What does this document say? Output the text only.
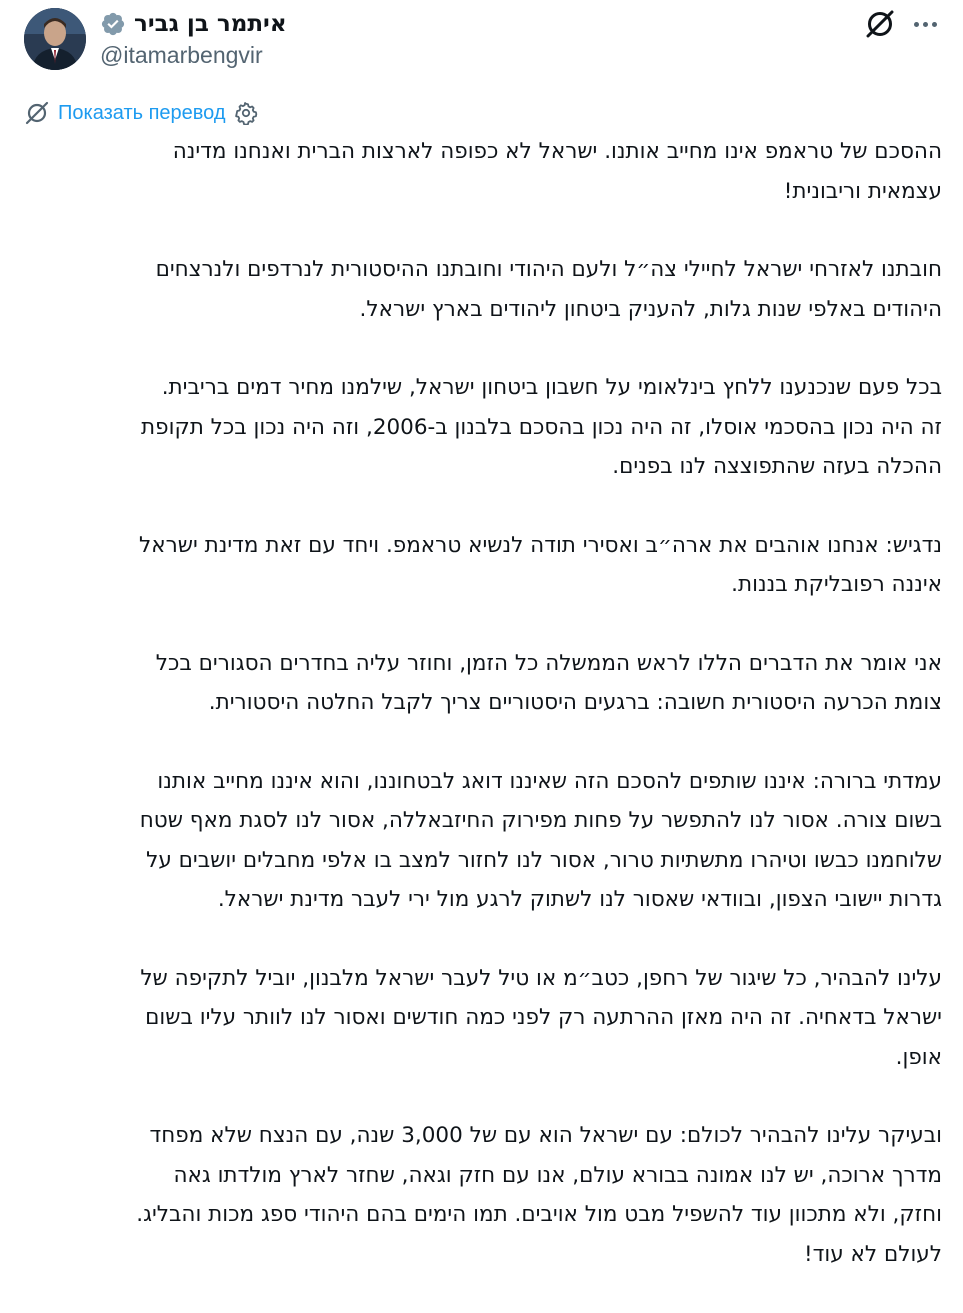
איתמר בן גביר
@itamarbengvir
Показать перевод

ההסכם של טראמפ אינו מחייב אותנו. ישראל לא כפופה לארצות הברית ואנחנו מדינה
עצמאית וריבונית!

חובתנו לאזרחי ישראל לחיילי צה״ל ולעם היהודי וחובתנו ההיסטורית לנרדפים ולנרצחים
היהודים באלפי שנות גלות, להעניק ביטחון ליהודים בארץ ישראל.

בכל פעם שנכנענו ללחץ בינלאומי על חשבון ביטחון ישראל, שילמנו מחיר דמים בריבית.
זה היה נכון בהסכמי אוסלו, זה היה נכון בהסכם בלבנון ב-2006, וזה היה נכון בכל תקופת
ההכלה בעזה שהתפוצצה לנו בפנים.

נדגיש: אנחנו אוהבים את ארה״ב ואסירי תודה לנשיא טראמפ. ויחד עם זאת מדינת ישראל
איננה רפובליקת בננות.

אני אומר את הדברים הללו לראש הממשלה כל הזמן, וחוזר עליה בחדרים הסגורים בכל
צומת הכרעה היסטורית חשובה: ברגעים היסטוריים צריך לקבל החלטה היסטורית.

עמדתי ברורה: איננו שותפים להסכם הזה שאיננו דואג לבטחוננו, והוא איננו מחייב אותנו
בשום צורה. אסור לנו להתפשר על פחות מפירוק החיזבאללה, אסור לנו לסגת מאף שטח
שלוחמנו כבשו וטיהרו מתשתיות טרור, אסור לנו לחזור למצב בו אלפי מחבלים יושבים על
גדרות יישובי הצפון, ובוודאי שאסור לנו לשתוק לרגע מול ירי לעבר מדינת ישראל.

עלינו להבהיר, כל שיגור של רחפן, כטב״מ או טיל לעבר ישראל מלבנון, יוביל לתקיפה של
ישראל בדאחיה. זה היה מאזן ההרתעה רק לפני כמה חודשים ואסור לנו לוותר עליו בשום
אופן.

ובעיקר עלינו להבהיר לכולם: עם ישראל הוא עם של 3,000 שנה, עם הנצח שלא מפחד
מדרך ארוכה, יש לנו אמונה בבורא עולם, אנו עם חזק וגאה, שחזר לארץ מולדתו גאה
וחזק, ולא מתכוון עוד להשפיל מבט מול אויבים. תמו הימים בהם היהודי ספג מכות והבליג.
לעולם לא עוד!
